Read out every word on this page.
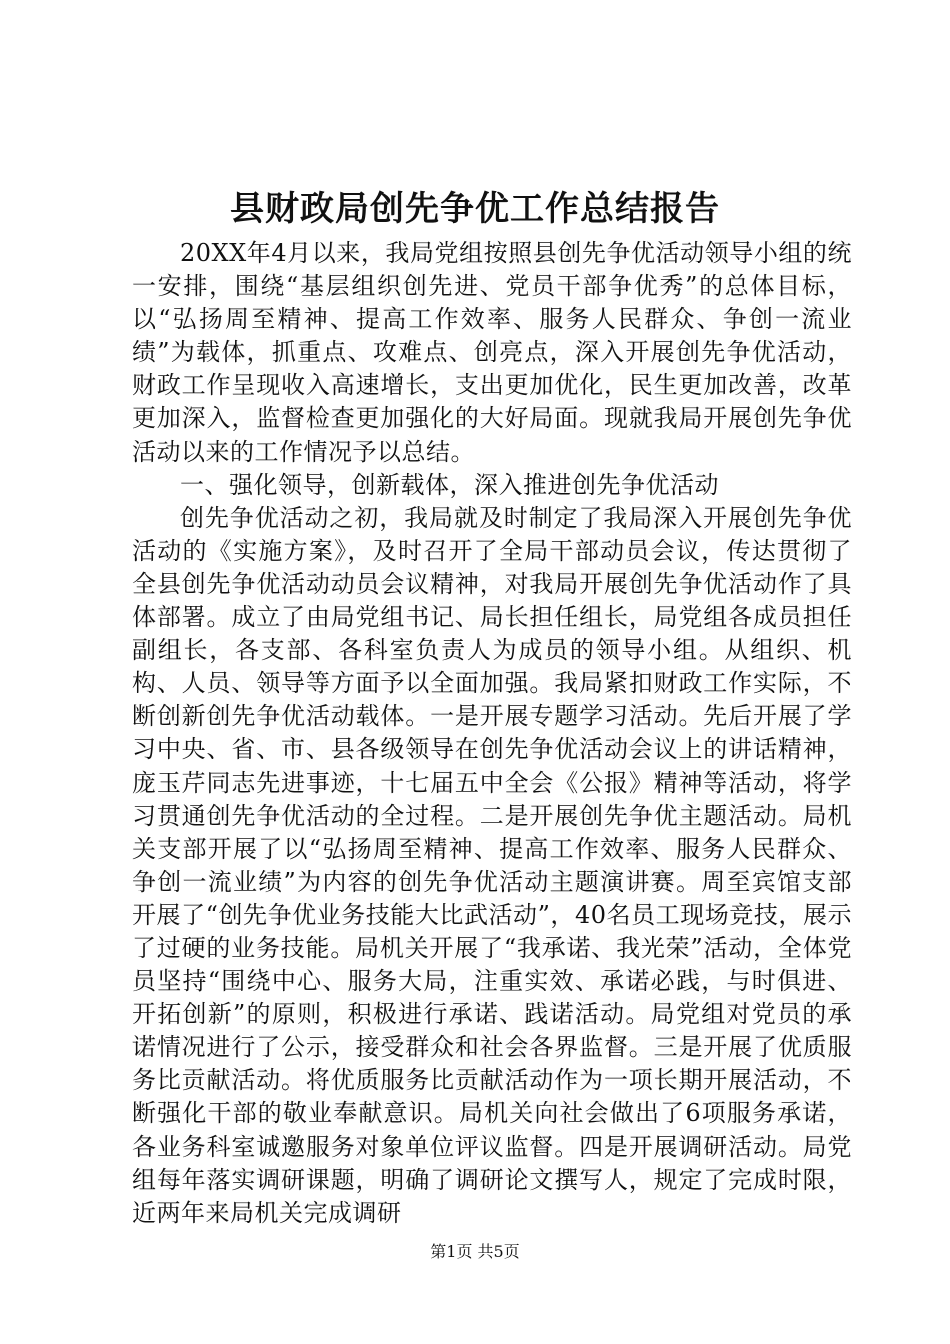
县财政局创先争优工作总结报告

20XX年4月以来，我局党组按照县创先争优活动领导小组的统一安排，围绕“基层组织创先进、党员干部争优秀”的总体目标，以“弘扬周至精神、提高工作效率、服务人民群众、争创一流业绩”为载体，抓重点、攻难点、创亮点，深入开展创先争优活动，财政工作呈现收入高速增长，支出更加优化，民生更加改善，改革更加深入，监督检查更加强化的大好局面。现就我局开展创先争优活动以来的工作情况予以总结。

一、强化领导，创新载体，深入推进创先争优活动

创先争优活动之初，我局就及时制定了我局深入开展创先争优活动的《实施方案》，及时召开了全局干部动员会议，传达贯彻了全县创先争优活动动员会议精神，对我局开展创先争优活动作了具体部署。成立了由局党组书记、局长担任组长，局党组各成员担任副组长，各支部、各科室负责人为成员的领导小组。从组织、机构、人员、领导等方面予以全面加强。我局紧扣财政工作实际，不断创新创先争优活动载体。一是开展专题学习活动。先后开展了学习中央、省、市、县各级领导在创先争优活动会议上的讲话精神，庞玉芹同志先进事迹，十七届五中全会《公报》精神等活动，将学习贯通创先争优活动的全过程。二是开展创先争优主题活动。局机关支部开展了以“弘扬周至精神、提高工作效率、服务人民群众、争创一流业绩”为内容的创先争优活动主题演讲赛。周至宾馆支部开展了“创先争优业务技能大比武活动”，40名员工现场竞技，展示了过硬的业务技能。局机关开展了“我承诺、我光荣”活动，全体党员坚持“围绕中心、服务大局，注重实效、承诺必践，与时俱进、开拓创新”的原则，积极进行承诺、践诺活动。局党组对党员的承诺情况进行了公示，接受群众和社会各界监督。三是开展了优质服务比贡献活动。将优质服务比贡献活动作为一项长期开展活动，不断强化干部的敬业奉献意识。局机关向社会做出了6项服务承诺，各业务科室诚邀服务对象单位评议监督。四是开展调研活动。局党组每年落实调研课题，明确了调研论文撰写人，规定了完成时限，近两年来局机关完成调研

第1页 共5页
